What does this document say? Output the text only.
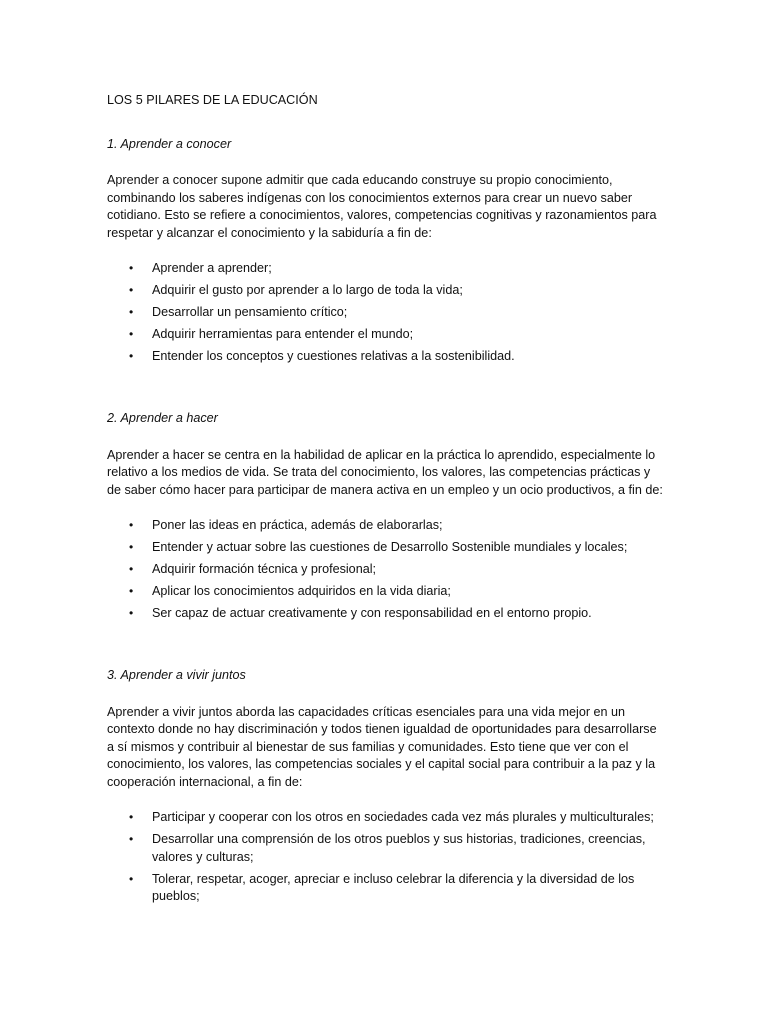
LOS 5 PILARES DE LA EDUCACIÓN

1. Aprender a conocer

Aprender a conocer supone admitir que cada educando construye su propio conocimiento, combinando los saberes indígenas con los conocimientos externos para crear un nuevo saber cotidiano. Esto se refiere a conocimientos, valores, competencias cognitivas y razonamientos para respetar y alcanzar el conocimiento y la sabiduría a fin de:

• Aprender a aprender;
• Adquirir el gusto por aprender a lo largo de toda la vida;
• Desarrollar un pensamiento crítico;
• Adquirir herramientas para entender el mundo;
• Entender los conceptos y cuestiones relativas a la sostenibilidad.

2. Aprender a hacer

Aprender a hacer se centra en la habilidad de aplicar en la práctica lo aprendido, especialmente lo relativo a los medios de vida. Se trata del conocimiento, los valores, las competencias prácticas y de saber cómo hacer para participar de manera activa en un empleo y un ocio productivos, a fin de:

• Poner las ideas en práctica, además de elaborarlas;
• Entender y actuar sobre las cuestiones de Desarrollo Sostenible mundiales y locales;
• Adquirir formación técnica y profesional;
• Aplicar los conocimientos adquiridos en la vida diaria;
• Ser capaz de actuar creativamente y con responsabilidad en el entorno propio.

3. Aprender a vivir juntos

Aprender a vivir juntos aborda las capacidades críticas esenciales para una vida mejor en un contexto donde no hay discriminación y todos tienen igualdad de oportunidades para desarrollarse a sí mismos y contribuir al bienestar de sus familias y comunidades. Esto tiene que ver con el conocimiento, los valores, las competencias sociales y el capital social para contribuir a la paz y la cooperación internacional, a fin de:

• Participar y cooperar con los otros en sociedades cada vez más plurales y multiculturales;
• Desarrollar una comprensión de los otros pueblos y sus historias, tradiciones, creencias, valores y culturas;
• Tolerar, respetar, acoger, apreciar e incluso celebrar la diferencia y la diversidad de los pueblos;
